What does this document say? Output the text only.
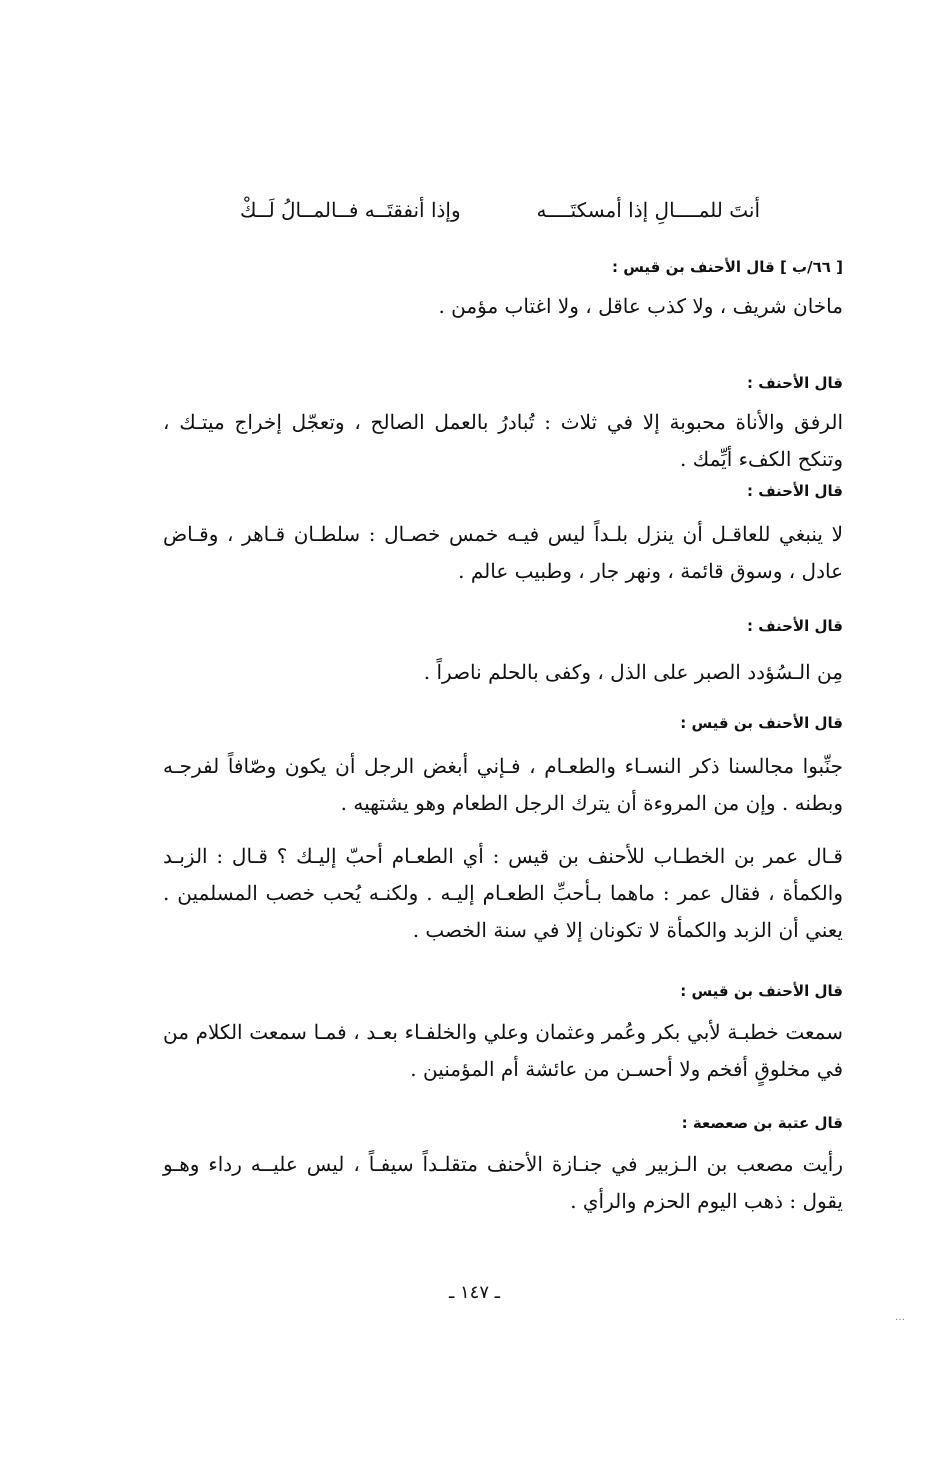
أنتَ للمــــالِ إذا أمسكتَــــه
وإذا أنفقتَــه فــالمــالُ لَــكْ
[ ٦٦/ب ] قال الأحنف بن قيس :
ماخان شريف ، ولا كذب عاقل ، ولا اغتاب مؤمن .
قال الأحنف :
الرفق والأناة محبوبة إلا في ثلاث : تُبادرُ بالعمل الصالح ، وتعجّل إخراج ميتـك ، وتنكح الكفء أيِّمك .
قال الأحنف :
لا ينبغي للعاقـل أن ينزل بلـداً ليس فيـه خمس خصـال : سلطـان قـاهر ، وقـاض عادل ، وسوق قائمة ، ونهر جار ، وطبيب عالم .
قال الأحنف :
مِن الـسُؤدد الصبر على الذل ، وكفى بالحلم ناصراً .
قال الأحنف بن قيس :
جنِّبوا مجالسنا ذكر النسـاء والطعـام ، فـإني أبغض الرجل أن يكون وصّافاً لفرجـه وبطنه . وإن من المروءة أن يترك الرجل الطعام وهو يشتهيه .
قـال عمر بن الخطـاب للأحنف بن قيس : أي الطعـام أحبّ إليـك ؟ قـال : الزبـد والكمأة ، فقال عمر : ماهما بـأحبِّ الطعـام إليـه . ولكنـه يُحب خصب المسلمين . يعني أن الزبد والكمأة لا تكونان إلا في سنة الخصب .
قال الأحنف بن قيس :
سمعت خطبـة لأبي بكر وعُمر وعثمان وعلي والخلفـاء بعـد ، فمـا سمعت الكلام من في مخلوقٍ أفخم ولا أحسـن من عائشة أم المؤمنين .
قال عتبة بن صعصعة :
رأيت مصعب بن الـزبير في جنـازة الأحنف متقلـداً سيفـاً ، ليس عليــه رداء وهـو يقول : ذهب اليوم الحزم والرأي .
ـ ١٤٧ ـ
…
